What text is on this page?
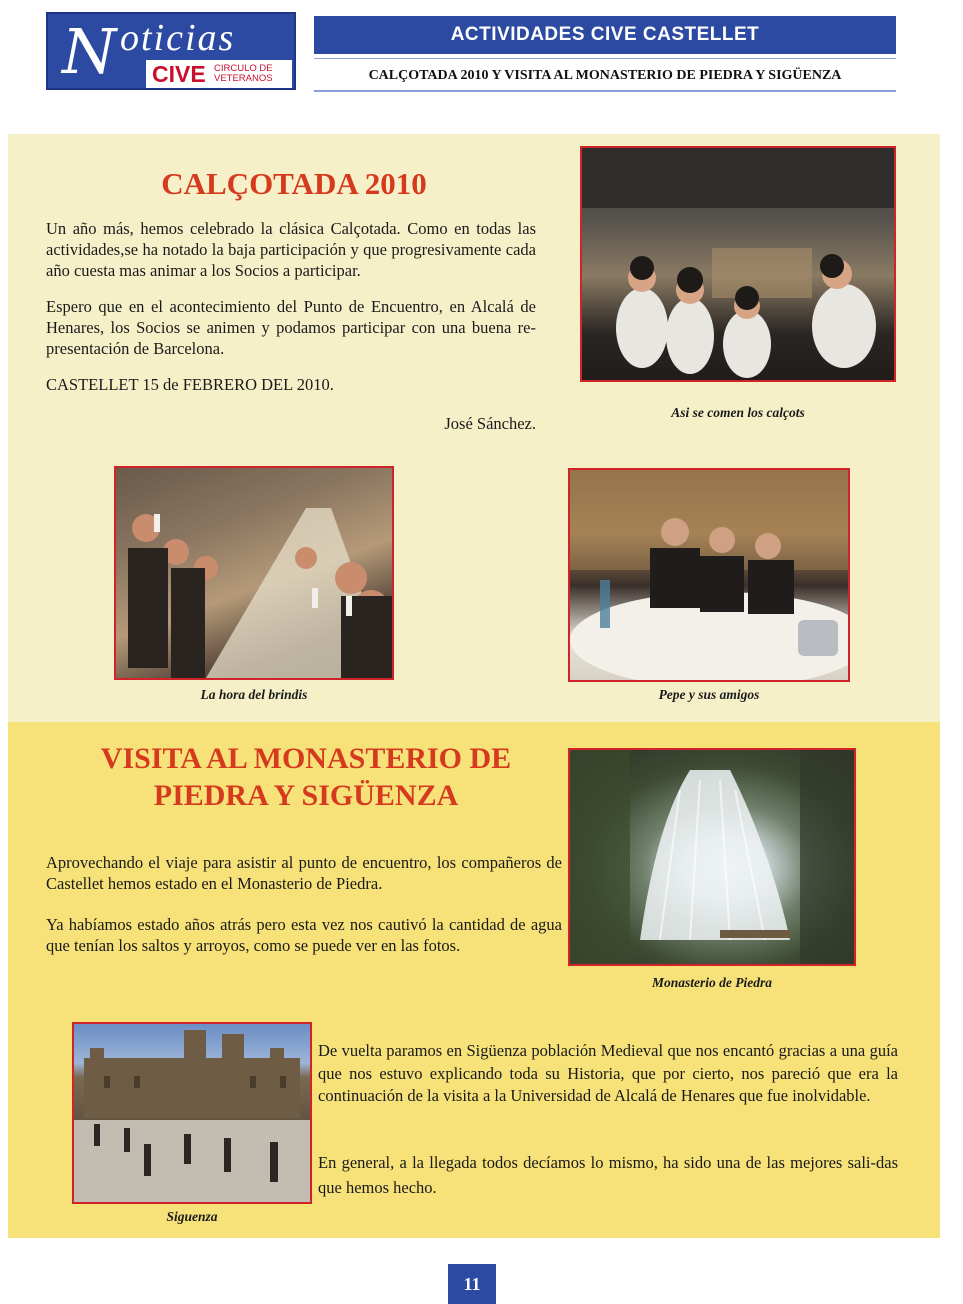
N oticias
CIVE CIRCULO DE
VETERANOS
ACTIVIDADES CIVE CASTELLET
CALÇOTADA 2010 Y VISITA AL MONASTERIO DE PIEDRA Y SIGÜENZA
CALÇOTADA 2010

Un año más, hemos celebrado la clásica Calçotada. Como en todas las actividades,se ha notado la baja participación y que progresivamente cada año cuesta mas animar a los Socios a participar.

Espero que en el acontecimiento del Punto de Encuentro, en Alcalá de Henares, los Socios se animen y podamos participar con una buena re-presentación de Barcelona.

CASTELLET 15 de FEBRERO DEL 2010.

José Sánchez.

Asi se comen los calçots
La hora del brindis	Pepe y sus amigos
VISITA AL MONASTERIO DE
PIEDRA Y SIGÜENZA

Aprovechando el viaje para asistir al punto de encuentro, los compañeros de Castellet hemos estado en el Monasterio de Piedra.

Ya habíamos estado años atrás pero esta vez nos cautivó la cantidad de agua que tenían los saltos y arroyos, como se puede ver en las fotos.

Monasterio de Piedra
Siguenza

De vuelta paramos en Sigüenza población Medieval que nos encantó gracias a una guía que nos estuvo explicando toda su Historia, que por cierto, nos pareció que era la continuación de la visita a la Universidad de Alcalá de Henares que fue inolvidable.

En general, a la llegada todos decíamos lo mismo, ha sido una de las mejores sali-das que hemos hecho.

11
